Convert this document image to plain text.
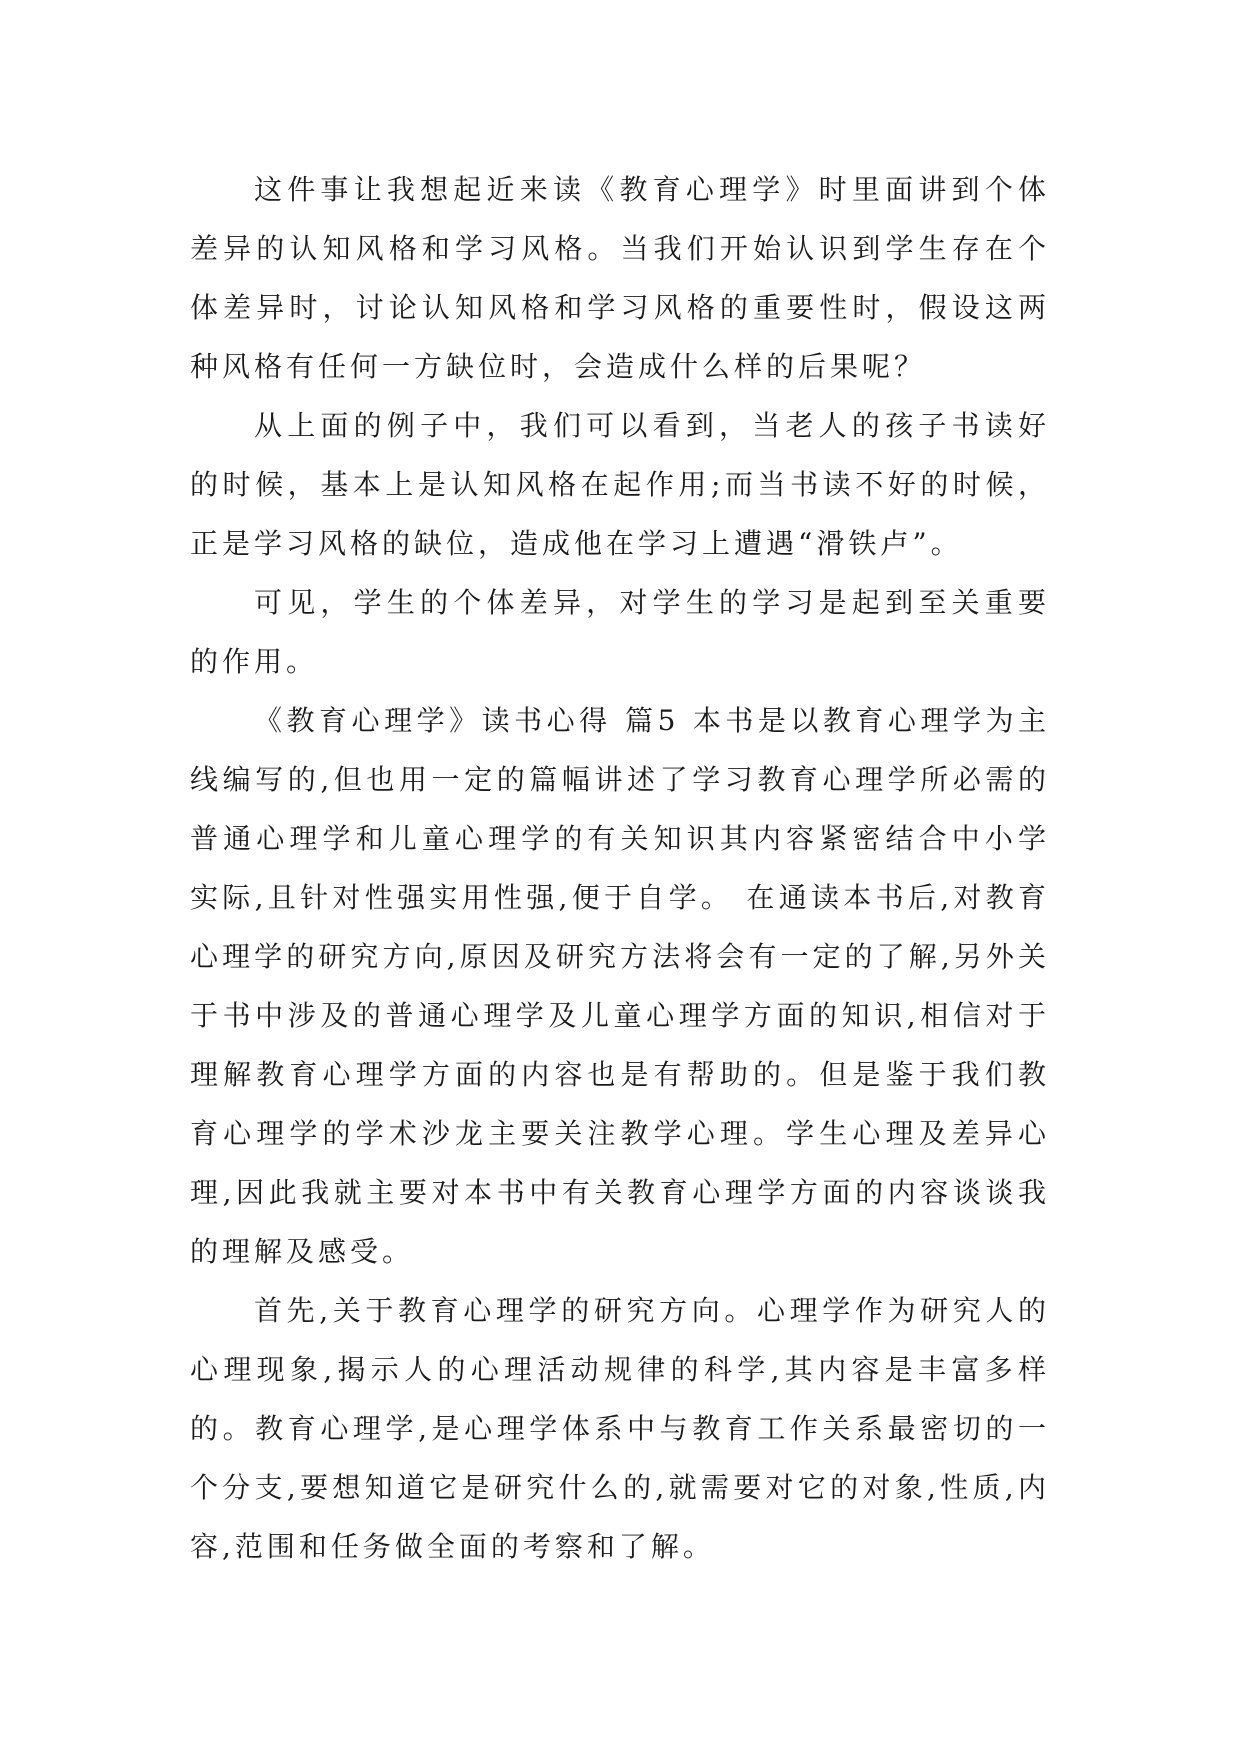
这件事让我想起近来读《教育心理学》时里面讲到个体差异的认知风格和学习风格。当我们开始认识到学生存在个体差异时，讨论认知风格和学习风格的重要性时，假设这两种风格有任何一方缺位时，会造成什么样的后果呢？

从上面的例子中，我们可以看到，当老人的孩子书读好的时候，基本上是认知风格在起作用;而当书读不好的时候，正是学习风格的缺位，造成他在学习上遭遇“滑铁卢”。

可见，学生的个体差异，对学生的学习是起到至关重要的作用。

《教育心理学》读书心得 篇5 本书是以教育心理学为主线编写的,但也用一定的篇幅讲述了学习教育心理学所必需的普通心理学和儿童心理学的有关知识其内容紧密结合中小学实际,且针对性强实用性强,便于自学。 在通读本书后,对教育心理学的研究方向,原因及研究方法将会有一定的了解,另外关于书中涉及的普通心理学及儿童心理学方面的知识,相信对于理解教育心理学方面的内容也是有帮助的。但是鉴于我们教育心理学的学术沙龙主要关注教学心理。学生心理及差异心理,因此我就主要对本书中有关教育心理学方面的内容谈谈我的理解及感受。

首先,关于教育心理学的研究方向。心理学作为研究人的心理现象,揭示人的心理活动规律的科学,其内容是丰富多样的。教育心理学,是心理学体系中与教育工作关系最密切的一个分支,要想知道它是研究什么的,就需要对它的对象,性质,内容,范围和任务做全面的考察和了解。
